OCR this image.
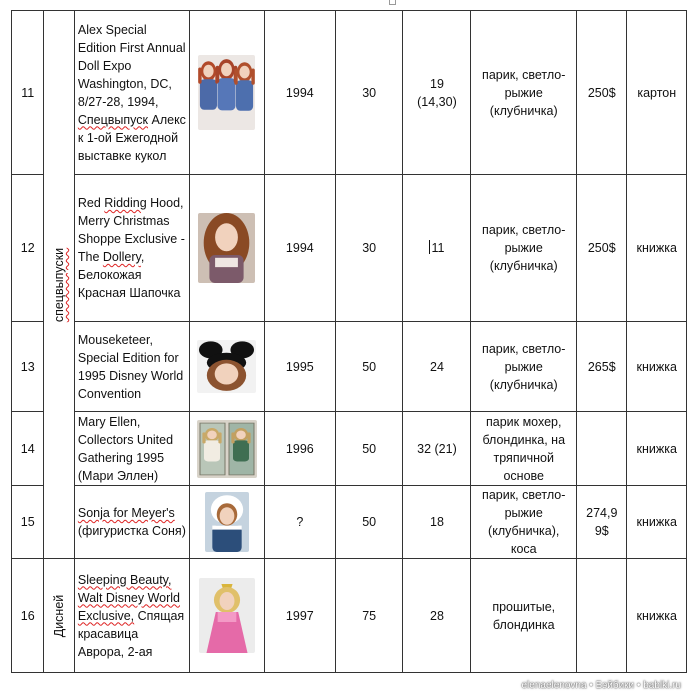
11	спецвыпуски	Alex Special Edition First Annual Doll Expo Washington, DC, 8/27-28, 1994, Спецвыпуск Алекс к 1-ой Ежегодной выставке кукол		1994	30	19
(14,30)	парик, светло-
рыжие
(клубничка)	250$	картон
12		Red Ridding Hood, Merry Christmas Shoppe Exclusive - The Dollery, Белокожая Красная Шапочка		1994	30	11	парик, светло-
рыжие
(клубничка)	250$	книжка
13		Mouseketeer, Special Edition for 1995 Disney World Convention		1995	50	24	парик, светло-
рыжие
(клубничка)	265$	книжка
14		Mary Ellen, Collectors United Gathering 1995 (Мари Эллен)		1996	50	32 (21)	парик мохер,
блондинка, на
тряпичной
основе		книжка
15		Sonja for Meyer's (фигуристка Соня)		?	50	18	парик, светло-
рыжие
(клубничка),
коса	274,9
9$	книжка
16	Дисней	Sleeping Beauty, Walt Disney World Exclusive, Спящая красавица Аврора, 2-ая		1997	75	28	прошитые,
блондинка		книжка
elenaelenovna • Бэйбики • babiki.ru
